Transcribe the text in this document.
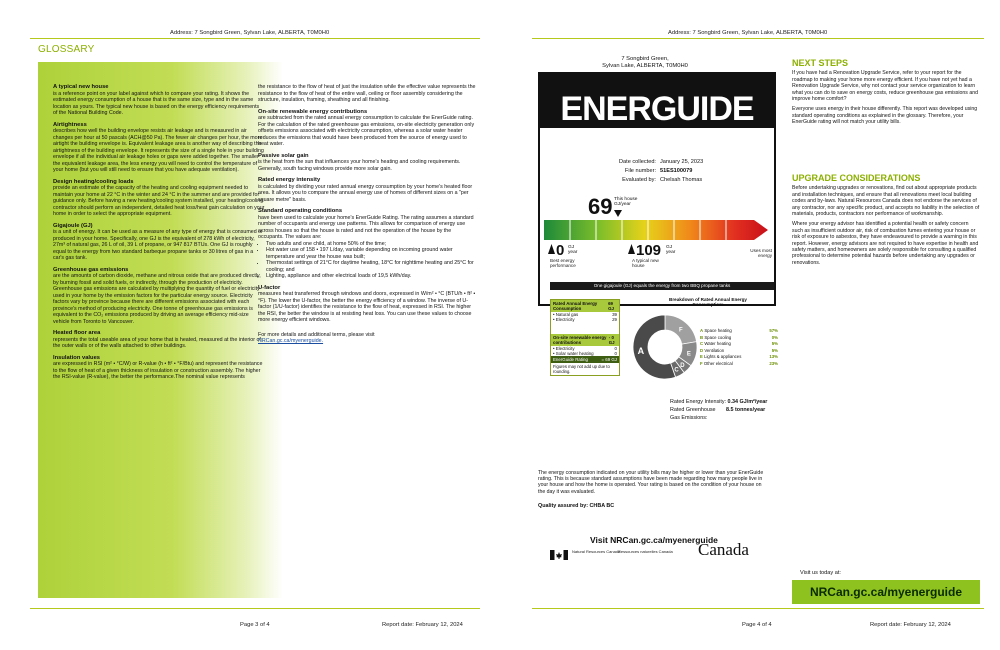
Address: 7 Songbird Green, Sylvan Lake, ALBERTA, T0M0H0
GLOSSARY
A typical new house

is a reference point on your label against which to compare your rating. It shows the estimated energy consumption of a house that is the same size, type and in the same location as yours. The typical new house is based on the energy efficiency requirements of the National Building Code.

Airtightness

describes how well the building envelope resists air leakage and is measured in air changes per hour at 50 pascals (ACH@50 Pa). The fewer air changes per hour, the more airtight the building envelope is. Equivalent leakage area is another way of describing the airtightness of the building envelope. It represents the size of a single hole in your building envelope if all the individual air leakage holes or gaps were added together. The smaller the equivalent leakage area, the less energy you will need to control the temperature of your home (but you will still need to ensure that you have adequate ventilation).

Design heating/cooling loads

provide an estimate of the capacity of the heating and cooling equipment needed to maintain your home at 22 °C in the winter and 24 °C in the summer and are provided for guidance only. Before having a new heating/cooling system installed, your heating/cooling contractor should perform an independent, detailed heat loss/heat gain calculation on your home in order to select the appropriate equipment.

Gigajoule (GJ)

is a unit of energy. It can be used as a measure of any type of energy that is consumed or produced in your home. Specifically, one GJ is the equivalent of 278 kWh of electricity, 27m³ of natural gas, 26 L of oil, 39 L of propane, or 947 817 BTUs. One GJ is roughly equal to the energy from two standard barbeque propane tanks or 30 litres of gas in a car's gas tank.

Greenhouse gas emissions

are the amounts of carbon dioxide, methane and nitrous oxide that are produced directly, by burning fossil and solid fuels, or indirectly, through the production of electricity. Greenhouse gas emissions are calculated by multiplying the quantity of fuel or electricity used in your home by the emission factors for the particular energy source. Electricity factors vary by province because there are different emissions associated with each province's method of producing electricity. One tonne of greenhouse gas emissions is equivalent to the CO₂ emissions produced by driving an average efficiency mid-size vehicle from Toronto to Vancouver.

Heated floor area

represents the total useable area of your home that is heated, measured at the interior of the outer walls or of the walls attached to other buildings.

Insulation values

are expressed in RSI (m² • °C/W) or R-value (h • ft² • °F/Btu) and represent the resistance to the flow of heat of a given thickness of insulation or construction assembly. The higher the RSI-value (R-value), the better the performance.The nominal value represents

the resistance to the flow of heat of just the insulation while the effective value represents the resistance to the flow of heat of the entire wall, ceiling or floor assembly considering the structure, insulation, framing, sheathing and all finishing.

On-site renewable energy contributions

are subtracted from the rated annual energy consumption to calculate the EnerGuide rating. For the calculation of the rated greenhouse gas emissions, on-site electricity generation only offsets emissions associated with electricity consumption, whereas a solar water heater reduces the emissions that would have been produced from the source of energy used to heat water.

Passive solar gain

is the heat from the sun that influences your home's heating and cooling requirements. Generally, south facing windows provide more solar gain.

Rated energy intensity

is calculated by dividing your rated annual energy consumption by your home's heated floor area. It allows you to compare the annual energy use of homes of different sizes on a "per square metre" basis.

Standard operating conditions

have been used to calculate your home's EnerGuide Rating. The rating assumes a standard number of occupants and energy use patterns. This allows for comparison of energy use across houses so that the house is rated and not the operation of the house by the occupants. The values are:

• Two adults and one child, at home 50% of the time;
• Hot water use of 158 • 197 L/day, variable depending on incoming ground water temperature and year the house was built;
• Thermostat settings of 21°C for daytime heating, 18°C for nighttime heating and 25°C for cooling; and
• Lighting, appliance and other electrical loads of 19,5 kWh/day.
U-factor

measures heat transferred through windows and doors, expressed in W/m² • °C (BTU/h • ft² • °F). The lower the U-factor, the better the energy efficiency of a window. The inverse of U-factor (1/U-factor) identifies the resistance to the flow of heat, expressed in RSI. The higher the RSI, the better the window is at resisting heat loss. You can use these values to choose more energy efficient windows.

For more details and additional terms, please visit

NRCan.gc.ca/myenerguide.
Page 3 of 4	Report date: February 12, 2024
Address: 7 Songbird Green, Sylvan Lake, ALBERTA, T0M0H0
7 Songbird Green,
Sylvan Lake, ALBERTA, T0M0H0
ENERGUIDE
Date collected: January 25, 2023
File number: 51ES100079
Evaluated by: Chelsah Thomas
69 This house
GJ/year
0 GJ
year
Best energy performance
109 GJ
year
A typical new house
Uses most energy
One gigajoule (GJ) equals the energy from two BBQ propane tanks
Rated Annual Energy Consumption
69 GJ
• Natural gas	39
• Electricity	29
On-site renewable energy contributions
- 0 GJ
• Electricity	0
• Solar water heating	0
EnerGuide Rating	= 69 GJ
Figures may not add up due to rounding.
Breakdown of Rated Annual Energy Consumption:
F
E
D
C
A
A Space heating	57%
B Space cooling	0%
C Water heating	5%
D Ventilation	5%
E Lights & appliances	13%
F Other electrical	23%
Rated Energy Intensity: 0.34 GJ/m²/year
Rated Greenhouse Gas Emissions:
8.5 tonnes/year
The energy consumption indicated on your utility bills may be higher or lower than your EnerGuide rating. This is because standard assumptions have been made regarding how many people live in your house and how the home is operated. Your rating is based on the condition of your house on the day it was evaluated.
Quality assured by: CHBA BC
Visit NRCan.gc.ca/myenerguide
Natural Resources Canada
Ressources naturelles Canada Canada
NEXT STEPS

If you have had a Renovation Upgrade Service, refer to your report for the roadmap to making your home more energy efficient. If you have not yet had a Renovation Upgrade Service, why not contact your service organization to learn what you can do to save on energy costs, reduce greenhouse gas emissions and improve home comfort?

Everyone uses energy in their house differently. This report was developed using standard operating conditions as explained in the glossary. Therefore, your EnerGuide rating will not match your utility bills.

UPGRADE CONSIDERATIONS

Before undertaking upgrades or renovations, find out about appropriate products and installation techniques, and ensure that all renovations meet local building codes and by-laws. Natural Resources Canada does not endorse the services of any contractor, nor any specific product, and accepts no liability in the selection of materials, products, contractors nor performance of workmanship.

Where your energy advisor has identified a potential health or safety concern such as insufficient outdoor air, risk of combustion fumes entering your house or risk of exposure to asbestos, they have endeavoured to provide a warning in this report. However, energy advisors are not required to have expertise in health and safety matters, and homeowners are solely responsible for consulting a qualified professional to determine potential hazards before undertaking any upgrades or renovations.

Visit us today at:
NRCan.gc.ca/myenerguide
Page 4 of 4	Report date: February 12, 2024
